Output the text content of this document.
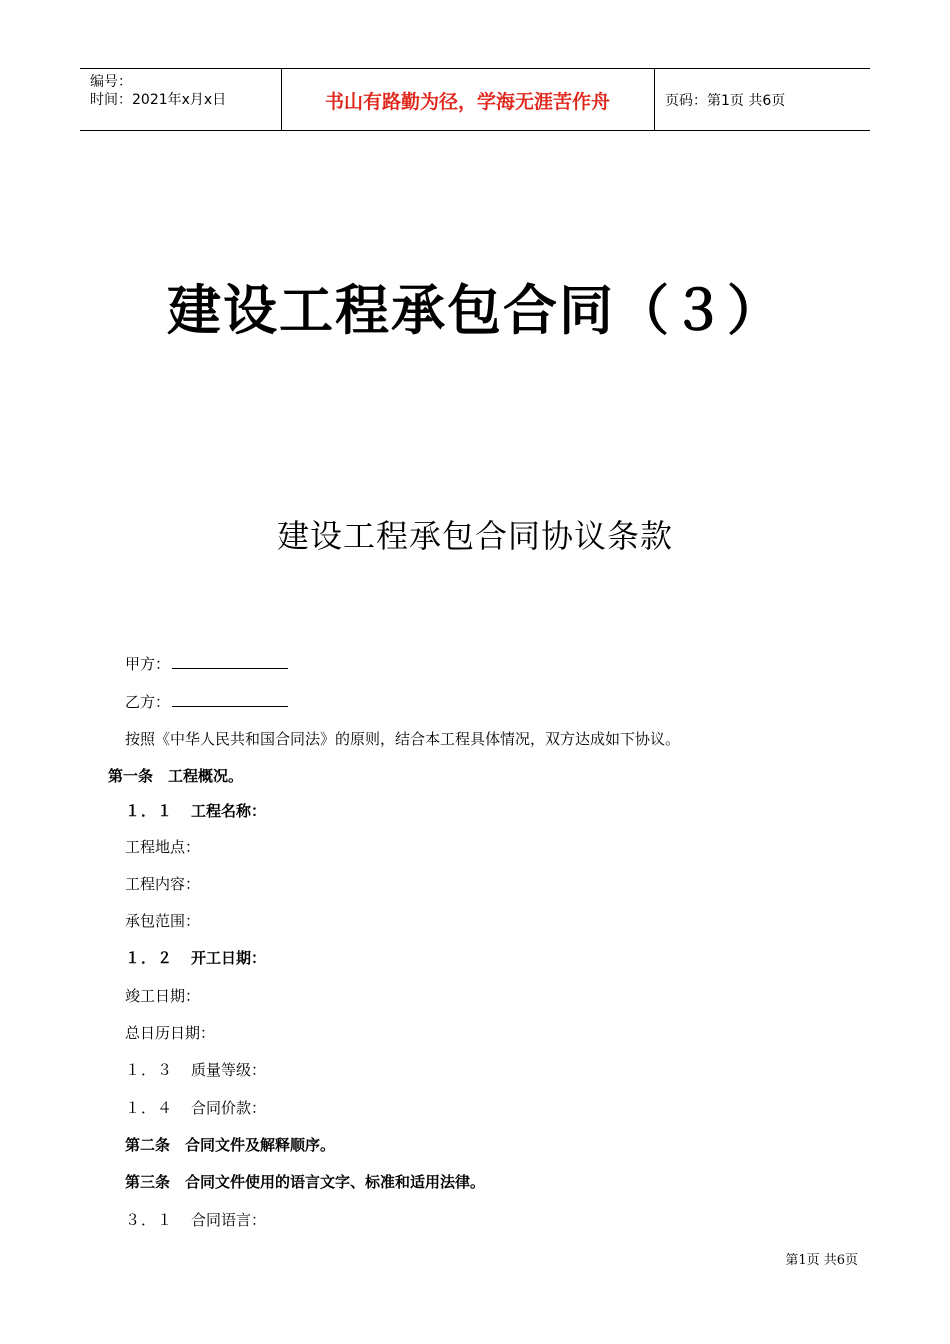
编号：
时间：2021年x月x日	书山有路勤为径，学海无涯苦作舟	页码：第1页 共6页
建设工程承包合同（３）
建设工程承包合同协议条款
甲方：
乙方：
按照《中华人民共和国合同法》的原则，结合本工程具体情况，双方达成如下协议。
第一条　工程概况。
１．１ 工程名称：
工程地点：
工程内容：
承包范围：
１．２ 开工日期：
竣工日期：
总日历日期：
１．３ 质量等级：
１．４ 合同价款：
第二条　合同文件及解释顺序。
第三条　合同文件使用的语言文字、标准和适用法律。
３．１ 合同语言：
第1页 共6页
